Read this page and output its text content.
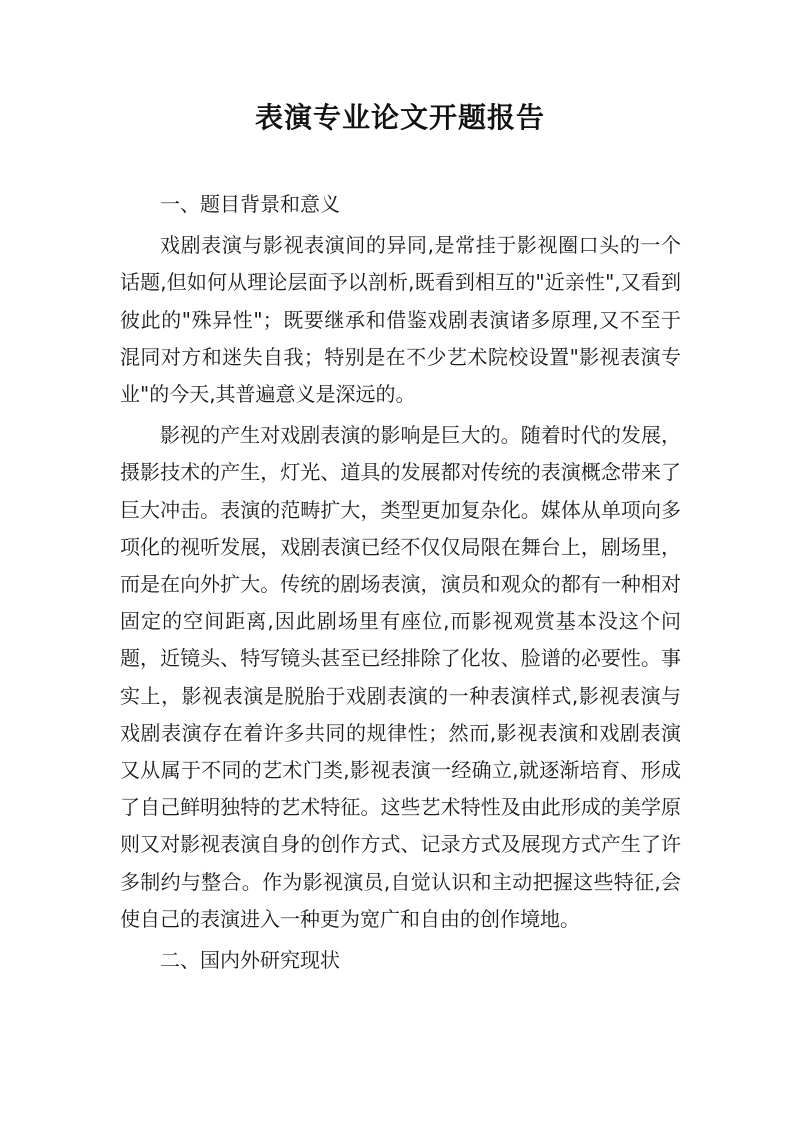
表演专业论文开题报告

一、题目背景和意义

戏剧表演与影视表演间的异同,是常挂于影视圈口头的一个话题,但如何从理论层面予以剖析,既看到相互的"近亲性",又看到彼此的"殊异性"；既要继承和借鉴戏剧表演诸多原理,又不至于混同对方和迷失自我；特别是在不少艺术院校设置"影视表演专业"的今天,其普遍意义是深远的。

影视的产生对戏剧表演的影响是巨大的。随着时代的发展，摄影技术的产生，灯光、道具的发展都对传统的表演概念带来了巨大冲击。表演的范畴扩大，类型更加复杂化。媒体从单项向多项化的视听发展，戏剧表演已经不仅仅局限在舞台上，剧场里，而是在向外扩大。传统的剧场表演，演员和观众的都有一种相对固定的空间距离,因此剧场里有座位,而影视观赏基本没这个问题，近镜头、特写镜头甚至已经排除了化妆、脸谱的必要性。事实上，影视表演是脱胎于戏剧表演的一种表演样式,影视表演与戏剧表演存在着许多共同的规律性；然而,影视表演和戏剧表演又从属于不同的艺术门类,影视表演一经确立,就逐渐培育、形成了自己鲜明独特的艺术特征。这些艺术特性及由此形成的美学原则又对影视表演自身的创作方式、记录方式及展现方式产生了许多制约与整合。作为影视演员,自觉认识和主动把握这些特征,会使自己的表演进入一种更为宽广和自由的创作境地。

二、国内外研究现状
